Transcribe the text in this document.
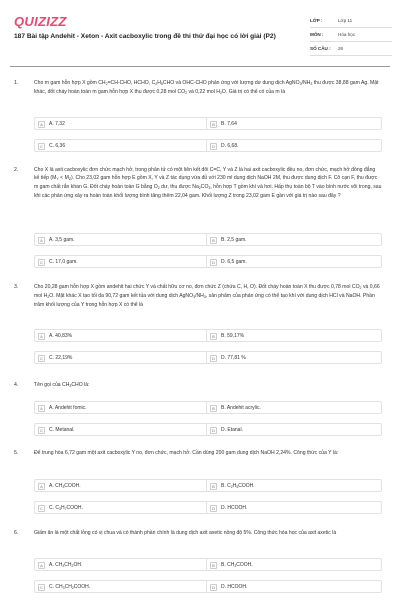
QUIZIZZ
187 Bài tập Andehit - Xeton - Axit cacboxylic trong đề thi thử đại học có lời giải (P2)
LỚP :	Lớp 11
MÔN :	Hóa học
SỐ CÂU :	26
1.	Cho m gam hỗn hợp X gồm $CH_2=CH$-CHO, HCHO, $C_2H_5CHO$ và OHC-CHO phản ứng với lượng dư dung dịch $AgNO_3/NH_3$ thu được 38,88 gam Ag. Mặt khác, đốt cháy hoàn toàn m gam hỗn hợp X thu được 0,28 mol $CO_2$ và 0,22 mol $H_2O$. Giá trị có thể có của m là
A	A. 7,32	B	B. 7,64
C	C. 6,36	D	D. 6,68.
2.	Cho X là axit cacboxylic đơn chức mạch hở, trong phân tử có một liên kết đôi C=C, Y và Z là hai axit cacboxylic đều no, đơn chức, mạch hở đồng đẳng kế tiếp $(M_Y < M_Z)$. Cho 23,02 gam hỗn hợp E gồm X, Y và Z tác dụng vừa đủ với 230 ml dung dịch NaOH 2M, thu được dung dịch F. Cô cạn F, thu được m gam chất rắn khan G. Đốt cháy hoàn toàn G bằng $O_2$ dư, thu được $Na_2CO_3$, hỗn hợp T gồm khí và hơi. Hấp thụ toàn bộ T vào bình nước vôi trong, sau khi các phản ứng xảy ra hoàn toàn khối lượng bình tăng thêm 22,04 gam. Khối lượng Z trong 23,02 gam E gần với giá trị nào sau đây ?
A	A. 3,5 gam.	B	B. 2,5 gam.
C	C. 17,0 gam.	D	D. 6,5 gam.
3.	Cho 20,28 gam hỗn hợp X gồm andehit hai chức Y và chất hữu cơ no, đơn chức Z (chứa C, H, O). Đốt cháy hoàn toàn X thu được 0,78 mol $CO_2$ và 0,66 mol $H_2O$. Mặt khác X tạo tối đa 90,72 gam kết tủa với dung dịch $AgNO_3/NH_3$, sản phẩm của phản ứng có thể tạo khí với dung dịch HCl và NaOH. Phần trăm khối lượng của Y trong hỗn hợp X có thể là
A	A. 40,83%	B	B. 59,17%
C	C. 22,19%	D	D. 77,81 %
4.	Tên gọi của $CH_3CHO$ là:
A	A. Andehit fomic.	B	B. Andehit acrylic.
C	C. Metanal.	D	D. Etanal.
5.	Để trung hòa 6,72 gam một axit cacboxylic Y no, đơn chức, mạch hở. Cần dùng 200 gam dung dịch NaOH 2,24%. Công thức của Y là:
A	A. $CH_3COOH$.	B	B. $C_2H_5COOH$.
C	C. $C_3H_7COOH$.	D	D. HCOOH.
6.	Giấm ăn là một chất lỏng có vị chua và có thành phần chính là dung dịch axit axetic nồng độ 5%. Công thức hóa học của axit axetic là
A	A. $CH_3CH_2OH$.	B	B. $CH_3COOH$.
C	C. $CH_3CH_2COOH$.	D	D. HCOOH.
